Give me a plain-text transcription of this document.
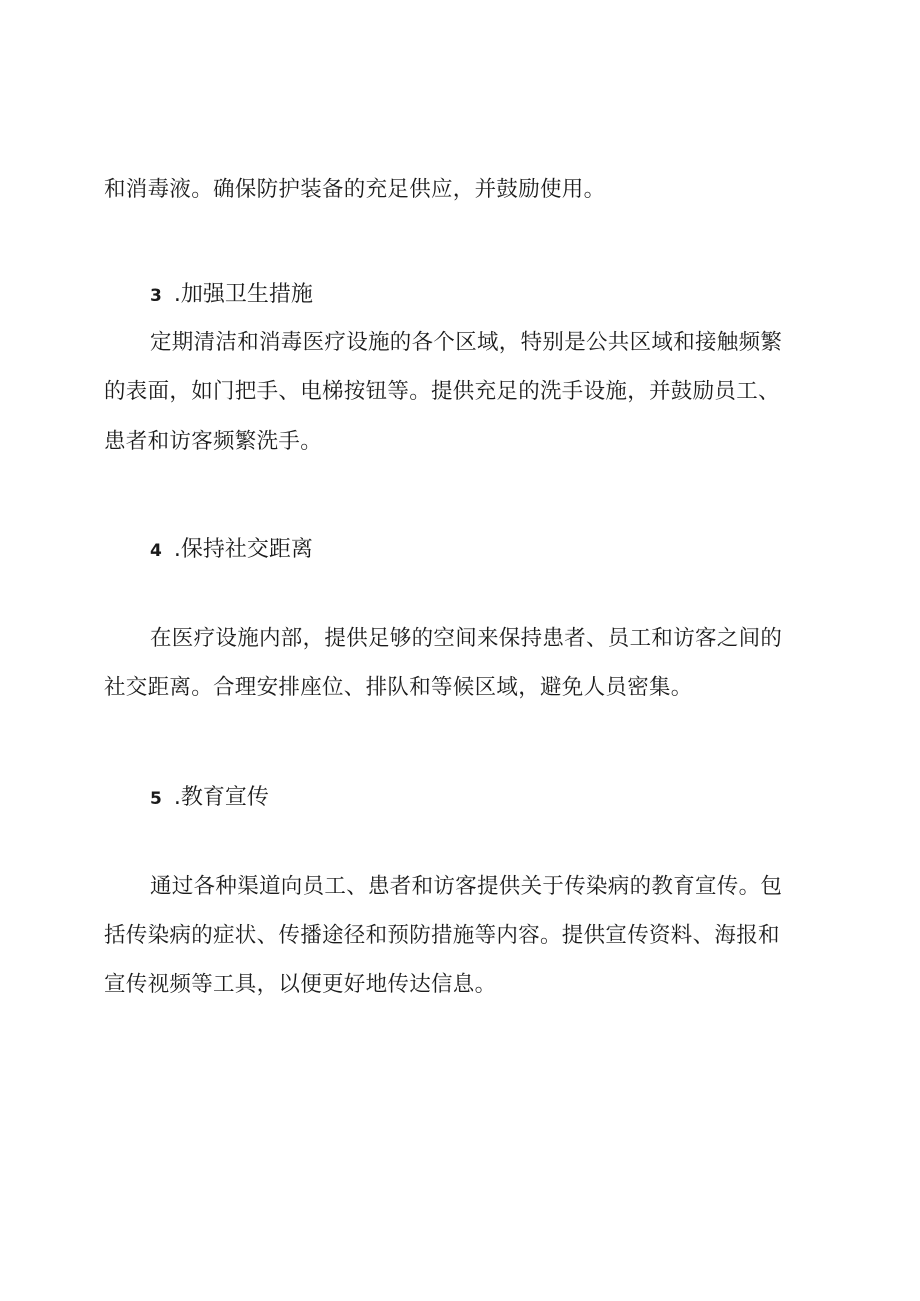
和消毒液。确保防护装备的充足供应，并鼓励使用。
3 .加强卫生措施
定期清洁和消毒医疗设施的各个区域，特别是公共区域和接触频繁
的表面，如门把手、电梯按钮等。提供充足的洗手设施，并鼓励员工、
患者和访客频繁洗手。
4 .保持社交距离
在医疗设施内部，提供足够的空间来保持患者、员工和访客之间的
社交距离。合理安排座位、排队和等候区域，避免人员密集。
5 .教育宣传
通过各种渠道向员工、患者和访客提供关于传染病的教育宣传。包
括传染病的症状、传播途径和预防措施等内容。提供宣传资料、海报和
宣传视频等工具，以便更好地传达信息。
